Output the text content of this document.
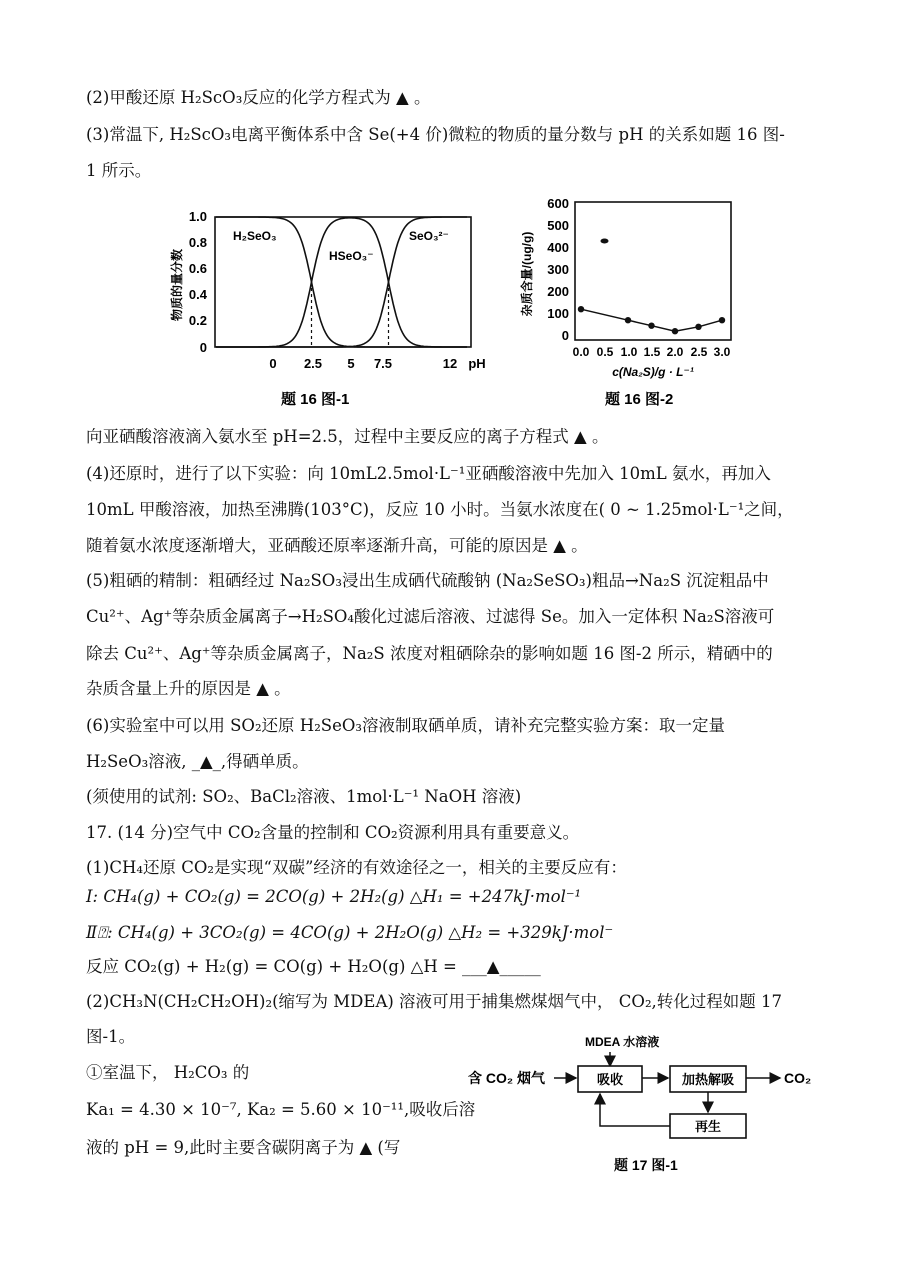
(2)甲酸还原 H₂ScO₃反应的化学方程式为 ▲ 。
(3)常温下, H₂ScO₃电离平衡体系中含 Se(+4 价)微粒的物质的量分数与 pH 的关系如题 16 图-
1 所示。
物质的量分数
1.0
0.8
0.6
0.4
0.2
0
H₂SeO₃
HSeO₃⁻
SeO₃²⁻
0 2.5 5 7.5	12 pH
题 16 图-1
杂质含量/(ug/g)
600
500
400
300
200
100
0
0.0 0.5 1.0 1.5 2.0 2.5 3.0
c(Na₂S)/g · L⁻¹
题 16 图-2
向亚硒酸溶液滴入氨水至 pH=2.5，过程中主要反应的离子方程式 ▲ 。
(4)还原时，进行了以下实验：向 10mL2.5mol·L⁻¹亚硒酸溶液中先加入 10mL 氨水，再加入
10mL 甲酸溶液，加热至沸腾(103°C)，反应 10 小时。当氨水浓度在( 0 ~ 1.25mol·L⁻¹之间，
随着氨水浓度逐渐增大，亚硒酸还原率逐渐升高，可能的原因是 ▲ 。
(5)粗硒的精制：粗硒经过 Na₂SO₃浸出生成硒代硫酸钠 (Na₂SeSO₃)粗品→Na₂S 沉淀粗品中
Cu²⁺、Ag⁺等杂质金属离子→H₂SO₄酸化过滤后溶液、过滤得 Se。加入一定体积 Na₂S溶液可
除去 Cu²⁺、Ag⁺等杂质金属离子，Na₂S 浓度对粗硒除杂的影响如题 16 图-2 所示，精硒中的
杂质含量上升的原因是 ▲ 。
(6)实验室中可以用 SO₂还原 H₂SeO₃溶液制取硒单质，请补充完整实验方案：取一定量
H₂SeO₃溶液, _▲_,得硒单质。
(须使用的试剂: SO₂、BaCl₂溶液、1mol·L⁻¹ NaOH 溶液)
17. (14 分)空气中 CO₂含量的控制和 CO₂资源利用具有重要意义。
(1)CH₄还原 CO₂是实现“双碳”经济的有效途径之一，相关的主要反应有：
Ⅰ: CH₄(g) + CO₂(g) = 2CO(g) + 2H₂(g) △H₁ = +247kJ·mol⁻¹
Ⅱ⍰: CH₄(g) + 3CO₂(g) = 4CO(g) + 2H₂O(g) △H₂ = +329kJ·mol⁻
反应 CO₂(g) + H₂(g) = CO(g) + H₂O(g) △H = ___▲_____
(2)CH₃N(CH₂CH₂OH)₂(缩写为 MDEA) 溶液可用于捕集燃煤烟气中， CO₂,转化过程如题 17
图-1。
①室温下， H₂CO₃ 的
Ka₁ = 4.30 × 10⁻⁷, Ka₂ = 5.60 × 10⁻¹¹,吸收后溶
液的 pH = 9,此时主要含碳阴离子为 ▲ (写
MDEA 水溶液
含 CO₂ 烟气	吸收	加热解吸	CO₂
再生
题 17 图-1
